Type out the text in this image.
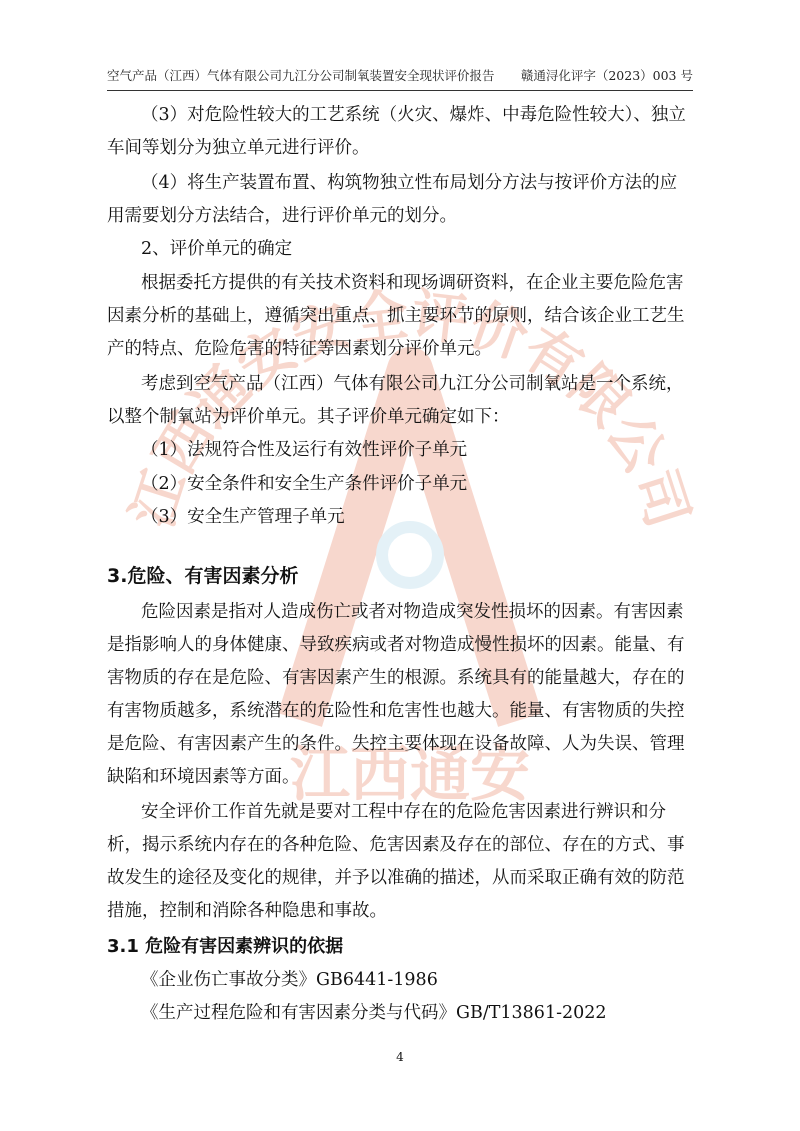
空气产品（江西）气体有限公司九江分公司制氧装置安全现状评价报告 赣通浔化评字（2023）003 号
江西通安安全评价有限公司
江西通安

（3）对危险性较大的工艺系统（火灾、爆炸、中毒危险性较大）、独立

车间等划分为独立单元进行评价。

（4）将生产装置布置、构筑物独立性布局划分方法与按评价方法的应

用需要划分方法结合，进行评价单元的划分。

2、评价单元的确定

根据委托方提供的有关技术资料和现场调研资料，在企业主要危险危害

因素分析的基础上，遵循突出重点、抓主要环节的原则，结合该企业工艺生

产的特点、危险危害的特征等因素划分评价单元。

考虑到空气产品（江西）气体有限公司九江分公司制氧站是一个系统，

以整个制氧站为评价单元。其子评价单元确定如下：

（1）法规符合性及运行有效性评价子单元

（2）安全条件和安全生产条件评价子单元

（3）安全生产管理子单元

3.危险、有害因素分析

危险因素是指对人造成伤亡或者对物造成突发性损坏的因素。有害因素

是指影响人的身体健康、导致疾病或者对物造成慢性损坏的因素。能量、有

害物质的存在是危险、有害因素产生的根源。系统具有的能量越大，存在的

有害物质越多，系统潜在的危险性和危害性也越大。能量、有害物质的失控

是危险、有害因素产生的条件。失控主要体现在设备故障、人为失误、管理

缺陷和环境因素等方面。

安全评价工作首先就是要对工程中存在的危险危害因素进行辨识和分

析，揭示系统内存在的各种危险、危害因素及存在的部位、存在的方式、事

故发生的途径及变化的规律，并予以准确的描述，从而采取正确有效的防范

措施，控制和消除各种隐患和事故。

3.1 危险有害因素辨识的依据

《企业伤亡事故分类》GB6441-1986

《生产过程危险和有害因素分类与代码》GB/T13861-2022

4
